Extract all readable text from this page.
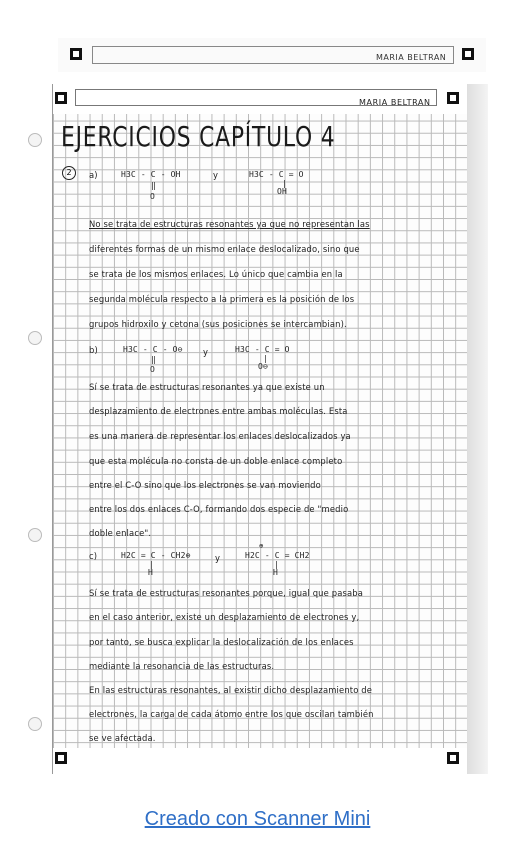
MARIA BELTRAN
MARIA BELTRAN
EJERCICIOS CAPÍTULO 4
2	a)	H3C - C - OH
‖
O
y	H3C - C = O
|
OH
No se trata de estructuras resonantes ya que no representan las
diferentes formas de un mismo enlace deslocalizado, sino que
se trata de los mismos enlaces. Lo único que cambia en la
segunda molécula respecto a la primera es la posición de los
grupos hidroxilo y cetona (sus posiciones se intercambian).
b)	H3C - C - O⊖
‖
O
y	H3C - C = O
|
O⊖
Sí se trata de estructuras resonantes ya que existe un
desplazamiento de electrones entre ambas moléculas. Esta
es una manera de representar los enlaces deslocalizados ya
que esta molécula no consta de un doble enlace completo
entre el C-O sino que los electrones se van moviendo
entre los dos enlaces C-O, formando dos especie de "medio
doble enlace".
c)	H2C = C - CH2⊕
|
H
y
⊕
H2C - C = CH2
|
H
Sí se trata de estructuras resonantes porque, igual que pasaba
en el caso anterior, existe un desplazamiento de electrones y,
por tanto, se busca explicar la deslocalización de los enlaces
mediante la resonancia de las estructuras.
En las estructuras resonantes, al existir dicho desplazamiento de
electrones, la carga de cada átomo entre los que oscilan también
se ve afectada.
Creado con Scanner Mini
